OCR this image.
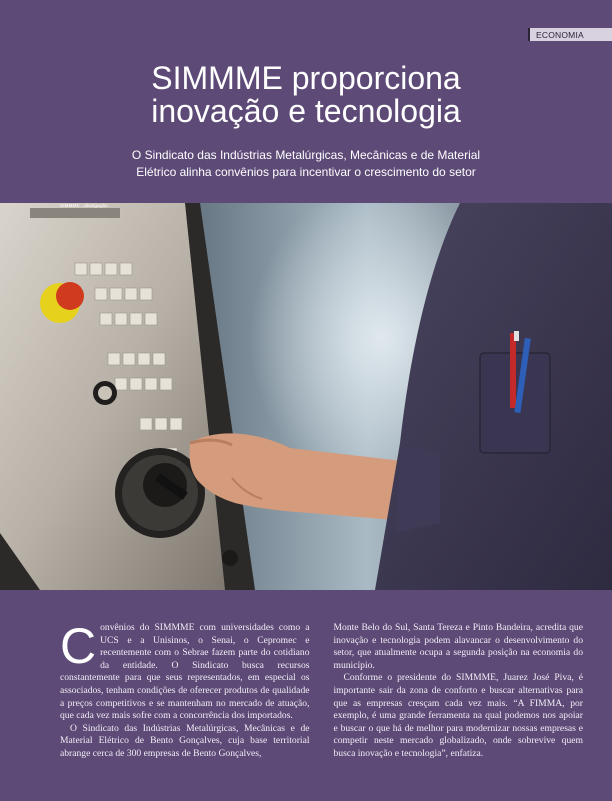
ECONOMIA
SIMMME proporciona
inovação e tecnologia
O Sindicato das Indústrias Metalúrgicas, Mecânicas e de Material
Elétrico alinha convênios para incentivar o crescimento do setor
SIMMME - divulgação

Convênios do SIMMME com universidades como a UCS e a Unisinos, o Senai, o Cepromec e recentemente com o Sebrae fazem parte do cotidiano da entidade. O Sindicato busca recursos constantemente para que seus representados, em especial os associados, tenham condições de oferecer produtos de qualidade a preços competitivos e se mantenham no mercado de atuação, que cada vez mais sofre com a concorrência dos importados.

O Sindicato das Indústrias Metalúrgicas, Mecânicas e de Material Elétrico de Bento Gonçalves, cuja base territorial abrange cerca de 300 empresas de Bento Gonçalves,

Monte Belo do Sul, Santa Tereza e Pinto Bandeira, acredita que inovação e tecnologia podem alavancar o desenvolvimento do setor, que atualmente ocupa a segunda posição na economia do município.

Conforme o presidente do SIMMME, Juarez José Piva, é importante sair da zona de conforto e buscar alternativas para que as empresas cresçam cada vez mais. “A FIMMA, por exemplo, é uma grande ferramenta na qual podemos nos apoiar e buscar o que há de melhor para modernizar nossas empresas e competir neste mercado globalizado, onde sobrevive quem busca inovação e tecnologia”, enfatiza.
